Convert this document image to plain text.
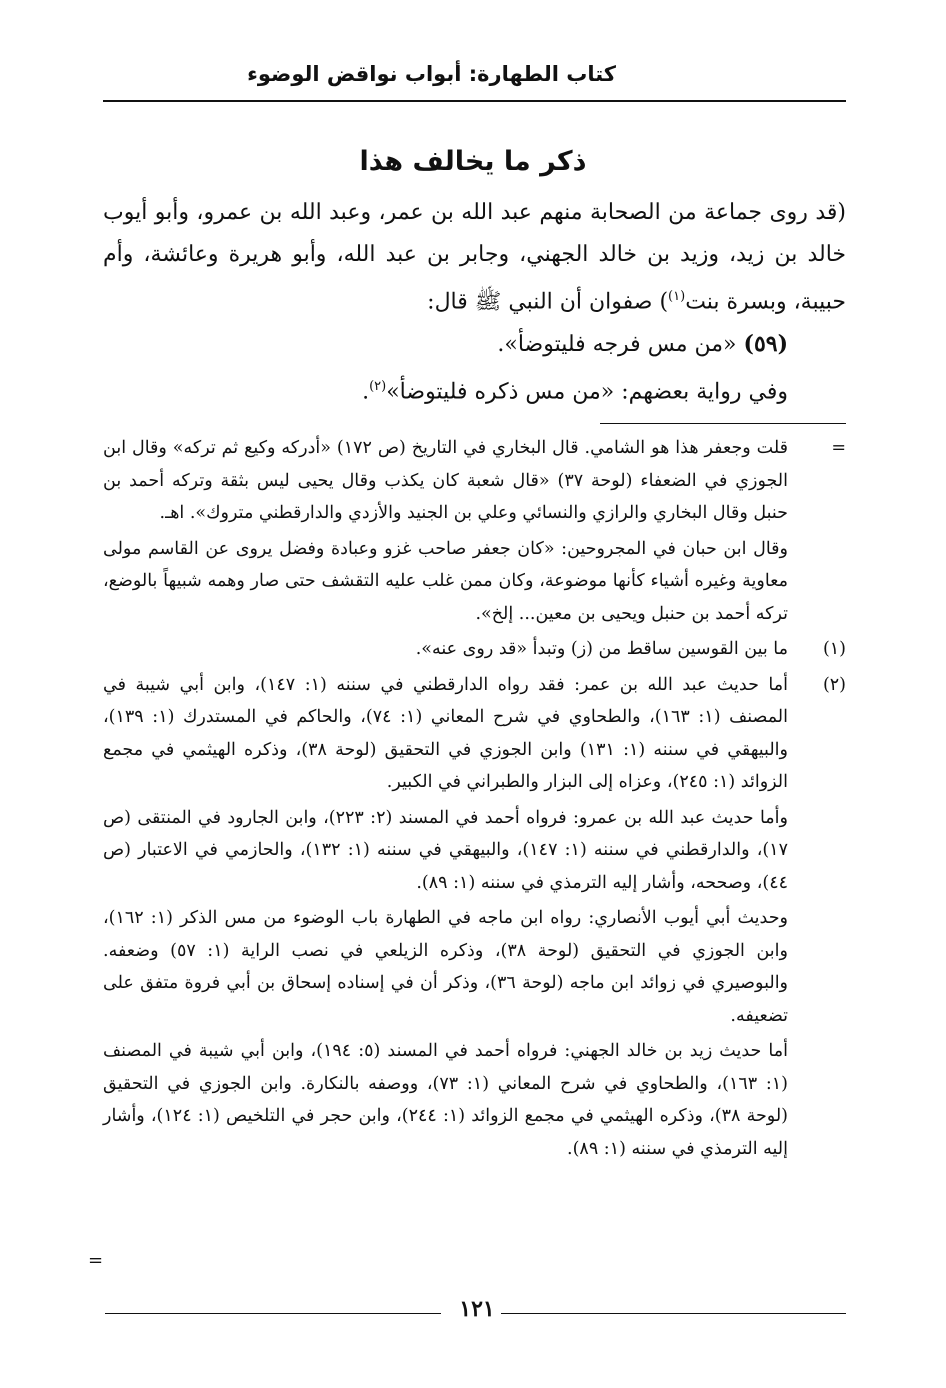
كتاب الطهارة: أبواب نواقض الوضوء
ذكر ما يخالف هذا

(قد روى جماعة من الصحابة منهم عبد الله بن عمر، وعبد الله بن عمرو، وأبو أيوب خالد بن زيد، وزيد بن خالد الجهني، وجابر بن عبد الله، وأبو هريرة وعائشة، وأم حبيبة، وبسرة بنت$^{(١)}$) صفوان أن النبي ﷺ قال:

(٥٩) «من مس فرجه فليتوضأ».

وفي رواية بعضهم: «من مس ذكره فليتوضأ»$^{(٢)}$.

=

قلت وجعفر هذا هو الشامي. قال البخاري في التاريخ (ص ١٧٢) «أدركه وكيع ثم تركه» وقال ابن الجوزي في الضعفاء (لوحة ٣٧) «قال شعبة كان يكذب وقال يحيى ليس بثقة وتركه أحمد بن حنبل وقال البخاري والرازي والنسائي وعلي بن الجنيد والأزدي والدارقطني متروك». اهـ.

وقال ابن حبان في المجروحين: «كان جعفر صاحب غزو وعبادة وفضل يروى عن القاسم مولى معاوية وغيره أشياء كأنها موضوعة، وكان ممن غلب عليه التقشف حتى صار وهمه شبيهاً بالوضع، تركه أحمد بن حنبل ويحيى بن معين... إلخ».

(١)

ما بين القوسين ساقط من (ز) وتبدأ «قد روى عنه».

(٢)

أما حديث عبد الله بن عمر: فقد رواه الدارقطني في سننه (١: ١٤٧)، وابن أبي شيبة في المصنف (١: ١٦٣)، والطحاوي في شرح المعاني (١: ٧٤)، والحاكم في المستدرك (١: ١٣٩)، والبيهقي في سننه (١: ١٣١) وابن الجوزي في التحقيق (لوحة ٣٨)، وذكره الهيثمي في مجمع الزوائد (١: ٢٤٥)، وعزاه إلى البزار والطبراني في الكبير.

وأما حديث عبد الله بن عمرو: فرواه أحمد في المسند (٢: ٢٢٣)، وابن الجارود في المنتقى (ص ١٧)، والدارقطني في سننه (١: ١٤٧)، والبيهقي في سننه (١: ١٣٢)، والحازمي في الاعتبار (ص ٤٤)، وصححه، وأشار إليه الترمذي في سننه (١: ٨٩).

وحديث أبي أيوب الأنصاري: رواه ابن ماجه في الطهارة باب الوضوء من مس الذكر (١: ١٦٢)، وابن الجوزي في التحقيق (لوحة ٣٨)، وذكره الزيلعي في نصب الراية (١: ٥٧) وضعفه. والبوصيري في زوائد ابن ماجه (لوحة ٣٦)، وذكر أن في إسناده إسحاق بن أبي فروة متفق على تضعيفه.

أما حديث زيد بن خالد الجهني: فرواه أحمد في المسند (٥: ١٩٤)، وابن أبي شيبة في المصنف (١: ١٦٣)، والطحاوي في شرح المعاني (١: ٧٣)، ووصفه بالنكارة. وابن الجوزي في التحقيق (لوحة ٣٨)، وذكره الهيثمي في مجمع الزوائد (١: ٢٤٤)، وابن حجر في التلخيص (١: ١٢٤)، وأشار إليه الترمذي في سننه (١: ٨٩).

=
١٢١
